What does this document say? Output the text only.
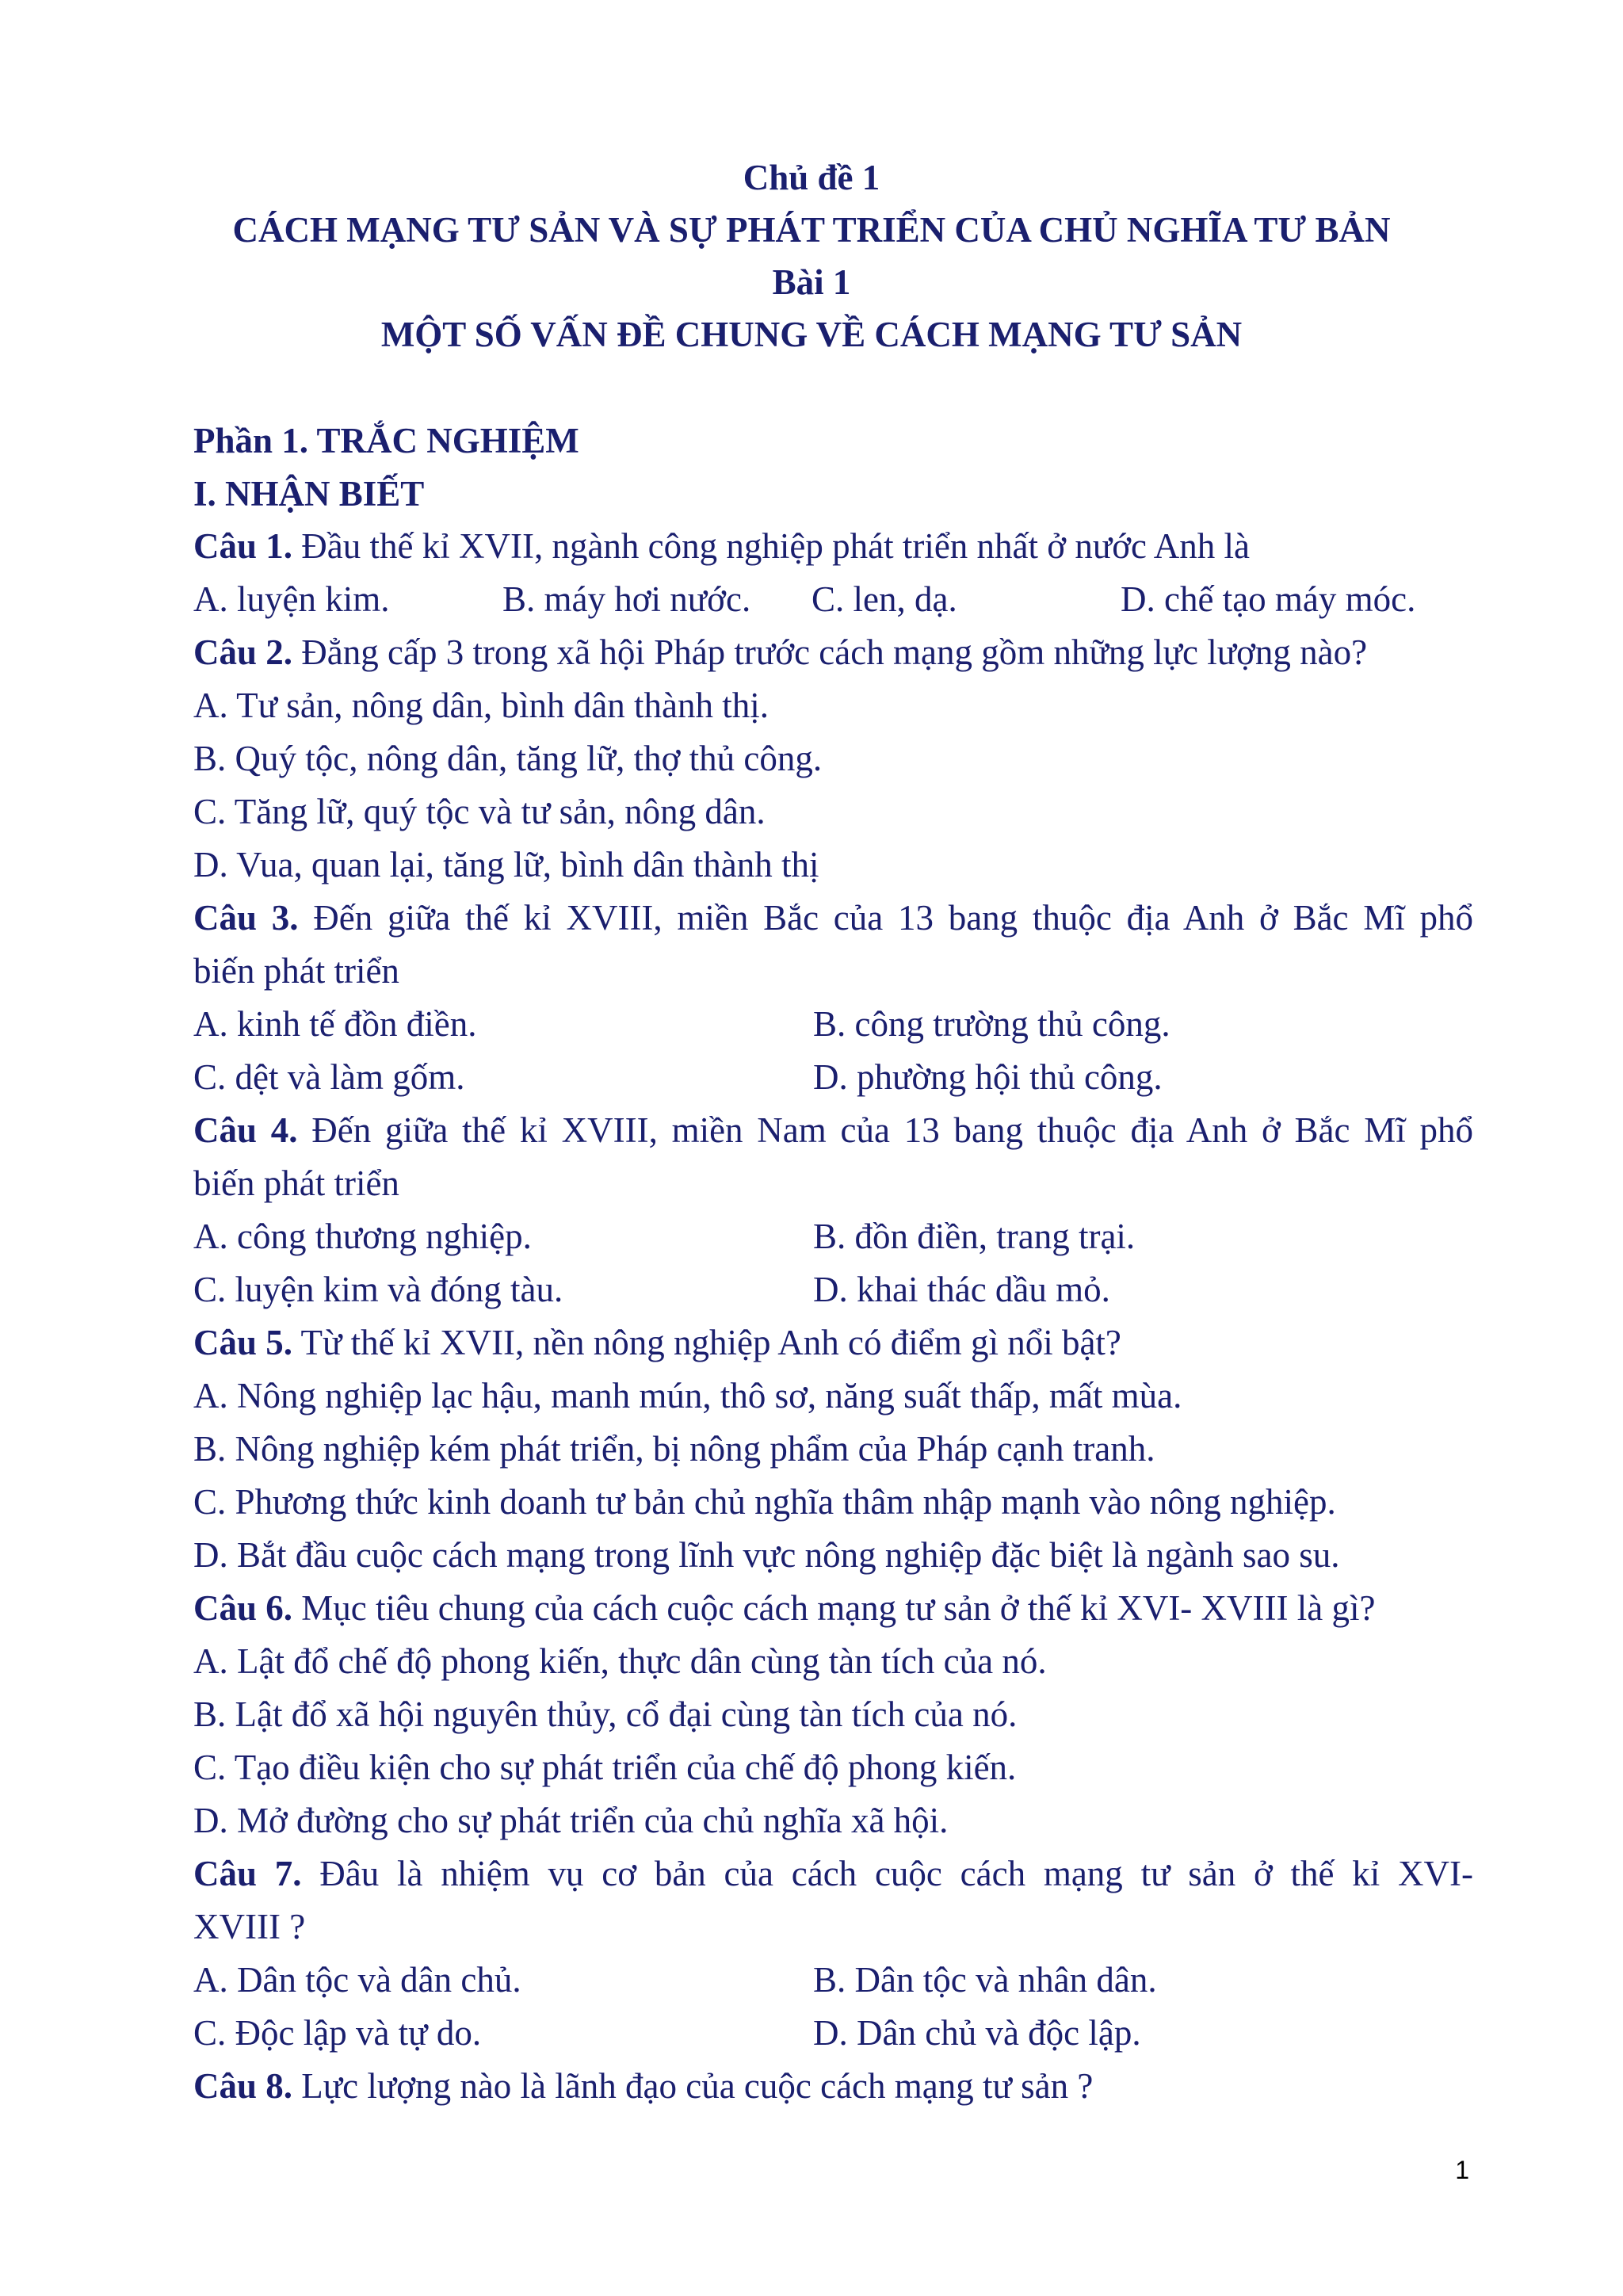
Chủ đề 1
CÁCH MẠNG TƯ SẢN VÀ SỰ PHÁT TRIỂN CỦA CHỦ NGHĨA TƯ BẢN
Bài 1
MỘT SỐ VẤN ĐỀ CHUNG VỀ CÁCH MẠNG TƯ SẢN
Phần 1. TRẮC NGHIỆM
I. NHẬN BIẾT
Câu 1. Đầu thế kỉ XVII, ngành công nghiệp phát triển nhất ở nước Anh là
A. luyện kim.	B. máy hơi nước. C. len, dạ.	D. chế tạo máy móc.
Câu 2. Đẳng cấp 3 trong xã hội Pháp trước cách mạng gồm những lực lượng nào?
A. Tư sản, nông dân, bình dân thành thị.
B. Quý tộc, nông dân, tăng lữ, thợ thủ công.
C. Tăng lữ, quý tộc và tư sản, nông dân.
D. Vua, quan lại, tăng lữ, bình dân thành thị
Câu 3. Đến giữa thế kỉ XVIII, miền Bắc của 13 bang thuộc địa Anh ở Bắc Mĩ phổ
biến phát triển
A. kinh tế đồn điền.	B. công trường thủ công.
C. dệt và làm gốm.	D. phường hội thủ công.
Câu 4. Đến giữa thế kỉ XVIII, miền Nam của 13 bang thuộc địa Anh ở Bắc Mĩ phổ
biến phát triển
A. công thương nghiệp.	B. đồn điền, trang trại.
C. luyện kim và đóng tàu.	D. khai thác dầu mỏ.
Câu 5. Từ thế kỉ XVII, nền nông nghiệp Anh có điểm gì nổi bật?
A. Nông nghiệp lạc hậu, manh mún, thô sơ, năng suất thấp, mất mùa.
B. Nông nghiệp kém phát triển, bị nông phẩm của Pháp cạnh tranh.
C. Phương thức kinh doanh tư bản chủ nghĩa thâm nhập mạnh vào nông nghiệp.
D. Bắt đầu cuộc cách mạng trong lĩnh vực nông nghiệp đặc biệt là ngành sao su.
Câu 6. Mục tiêu chung của cách cuộc cách mạng tư sản ở thế kỉ XVI- XVIII là gì?
A. Lật đổ chế độ phong kiến, thực dân cùng tàn tích của nó.
B. Lật đổ xã hội nguyên thủy, cổ đại cùng tàn tích của nó.
C. Tạo điều kiện cho sự phát triển của chế độ phong kiến.
D. Mở đường cho sự phát triển của chủ nghĩa xã hội.
Câu 7. Đâu là nhiệm vụ cơ bản của cách cuộc cách mạng tư sản ở thế kỉ XVI-
XVIII ?
A. Dân tộc và dân chủ.	B. Dân tộc và nhân dân.
C. Độc lập và tự do.	D. Dân chủ và độc lập.
Câu 8. Lực lượng nào là lãnh đạo của cuộc cách mạng tư sản ?
1
